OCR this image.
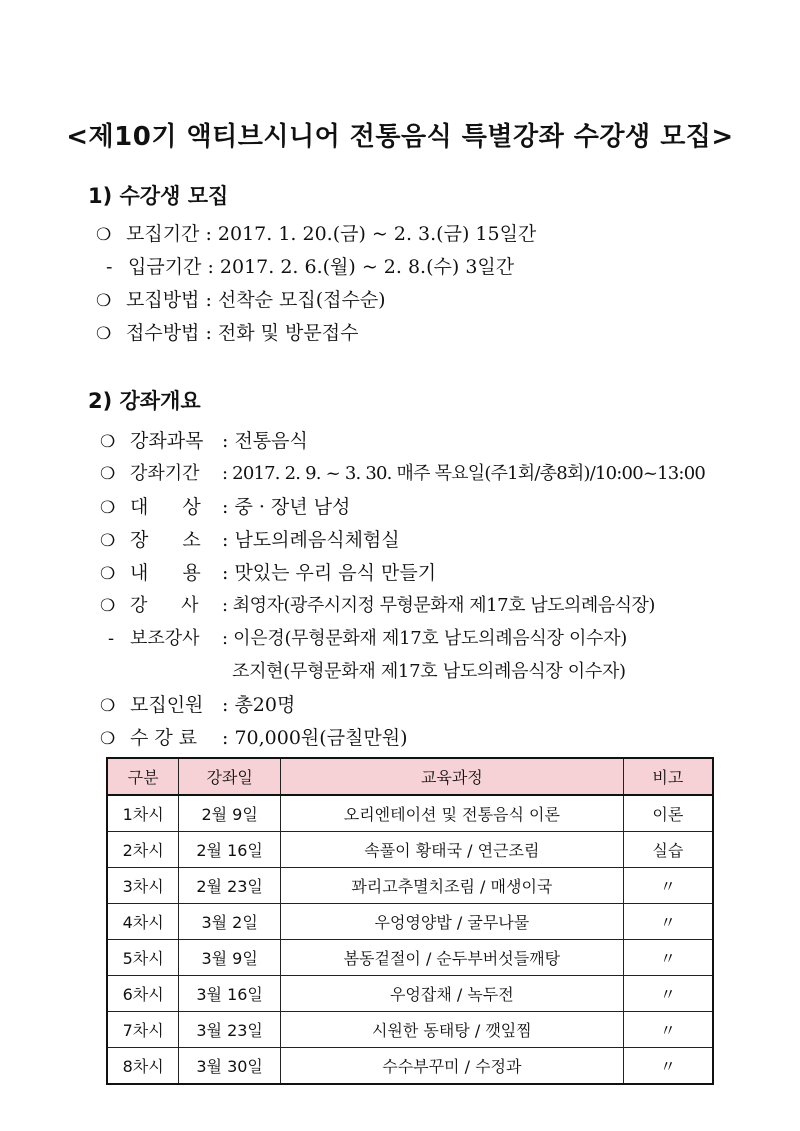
<제10기 액티브시니어 전통음식 특별강좌 수강생 모집>
1) 수강생 모집
❍ 모집기간 : 2017. 1. 20.(금) ~ 2. 3.(금) 15일간
- 입금기간 : 2017. 2. 6.(월) ~ 2. 8.(수) 3일간
❍ 모집방법 : 선착순 모집(접수순)
❍ 접수방법 : 전화 및 방문접수
2) 강좌개요
❍ 강좌과목 : 전통음식
❍ 강좌기간 : 2017. 2. 9. ~ 3. 30. 매주 목요일(주1회/총8회)/10:00~13:00
❍ 대 상 : 중 · 장년 남성
❍ 장 소 : 남도의례음식체험실
❍ 내 용 : 맛있는 우리 음식 만들기
❍ 강 사 : 최영자(광주시지정 무형문화재 제17호 남도의례음식장)
- 보조강사 : 이은경(무형문화재 제17호 남도의례음식장 이수자)
조지현(무형문화재 제17호 남도의례음식장 이수자)
❍ 모집인원 : 총20명
❍ 수 강 료 : 70,000원(금칠만원)
구분	강좌일	교육과정	비고
1차시	2월 9일	오리엔테이션 및 전통음식 이론	이론
2차시	2월 16일	속풀이 황태국 / 연근조림	실습
3차시	2월 23일	꽈리고추멸치조림 / 매생이국	〃
4차시	3월 2일	우엉영양밥 / 굴무나물	〃
5차시	3월 9일	봄동겉절이 / 순두부버섯들깨탕	〃
6차시	3월 16일	우엉잡채 / 녹두전	〃
7차시	3월 23일	시원한 동태탕 / 깻잎찜	〃
8차시	3월 30일	수수부꾸미 / 수정과	〃
